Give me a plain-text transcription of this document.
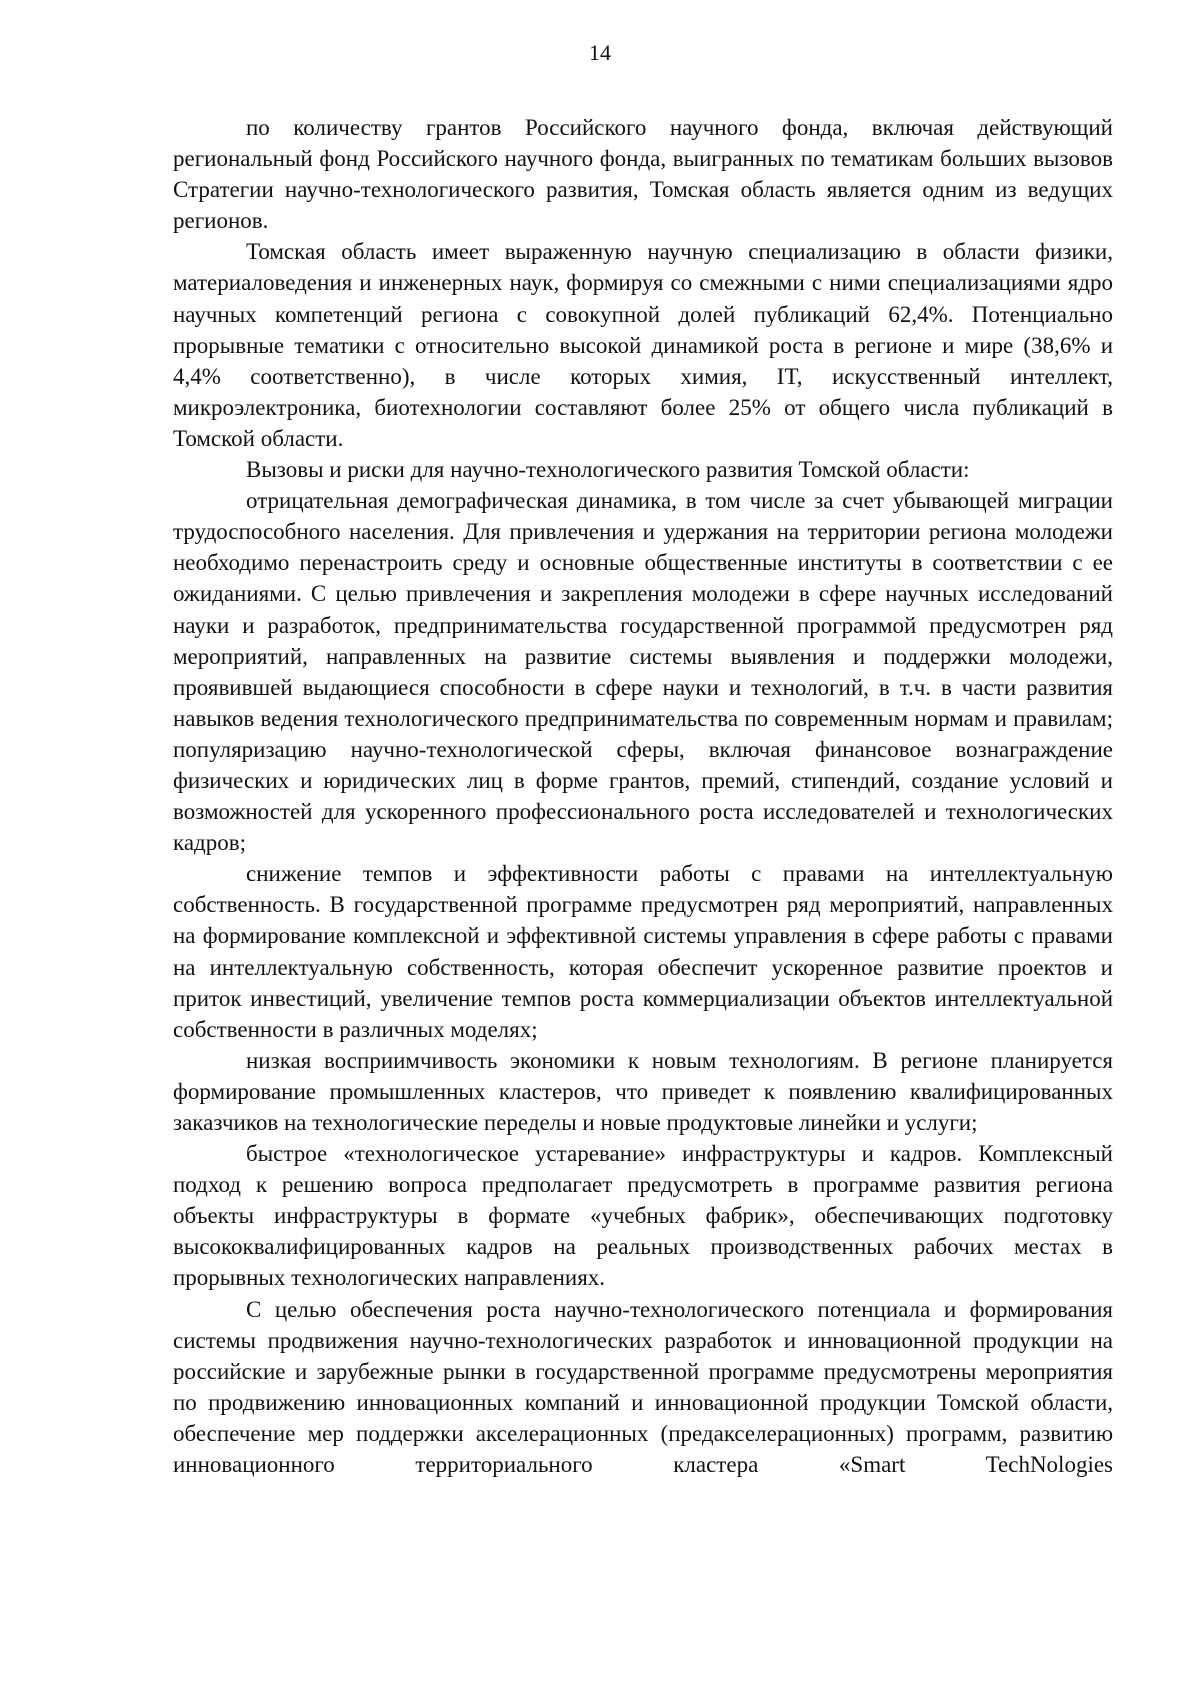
14

по количеству грантов Российского научного фонда, включая действующий региональный фонд Российского научного фонда, выигранных по тематикам больших вызовов Стратегии научно-технологического развития, Томская область является одним из ведущих регионов.

Томская область имеет выраженную научную специализацию в области физики, материаловедения и инженерных наук, формируя со смежными с ними специализациями ядро научных компетенций региона с совокупной долей публикаций 62,4%. Потенциально прорывные тематики с относительно высокой динамикой роста в регионе и мире (38,6% и 4,4% соответственно), в числе которых химия, IT, искусственный интеллект, микроэлектроника, биотехнологии составляют более 25% от общего числа публикаций в Томской области.

Вызовы и риски для научно-технологического развития Томской области:

отрицательная демографическая динамика, в том числе за счет убывающей миграции трудоспособного населения. Для привлечения и удержания на территории региона молодежи необходимо перенастроить среду и основные общественные институты в соответствии с ее ожиданиями. С целью привлечения и закрепления молодежи в сфере научных исследований науки и разработок, предпринимательства государственной программой предусмотрен ряд мероприятий, направленных на развитие системы выявления и поддержки молодежи, проявившей выдающиеся способности в сфере науки и технологий, в т.ч. в части развития навыков ведения технологического предпринимательства по современным нормам и правилам; популяризацию научно-технологической сферы, включая финансовое вознаграждение физических и юридических лиц в форме грантов, премий, стипендий, создание условий и возможностей для ускоренного профессионального роста исследователей и технологических кадров;

снижение темпов и эффективности работы с правами на интеллектуальную собственность. В государственной программе предусмотрен ряд мероприятий, направленных на формирование комплексной и эффективной системы управления в сфере работы с правами на интеллектуальную собственность, которая обеспечит ускоренное развитие проектов и приток инвестиций, увеличение темпов роста коммерциализации объектов интеллектуальной собственности в различных моделях;

низкая восприимчивость экономики к новым технологиям. В регионе планируется формирование промышленных кластеров, что приведет к появлению квалифицированных заказчиков на технологические переделы и новые продуктовые линейки и услуги;

быстрое «технологическое устаревание» инфраструктуры и кадров. Комплексный подход к решению вопроса предполагает предусмотреть в программе развития региона объекты инфраструктуры в формате «учебных фабрик», обеспечивающих подготовку высококвалифицированных кадров на реальных производственных рабочих местах в прорывных технологических направлениях.

С целью обеспечения роста научно-технологического потенциала и формирования системы продвижения научно-технологических разработок и инновационной продукции на российские и зарубежные рынки в государственной программе предусмотрены мероприятия по продвижению инновационных компаний и инновационной продукции Томской области, обеспечение мер поддержки акселерационных (предакселерационных) программ, развитию инновационного территориального кластера «Smart TechNologies
